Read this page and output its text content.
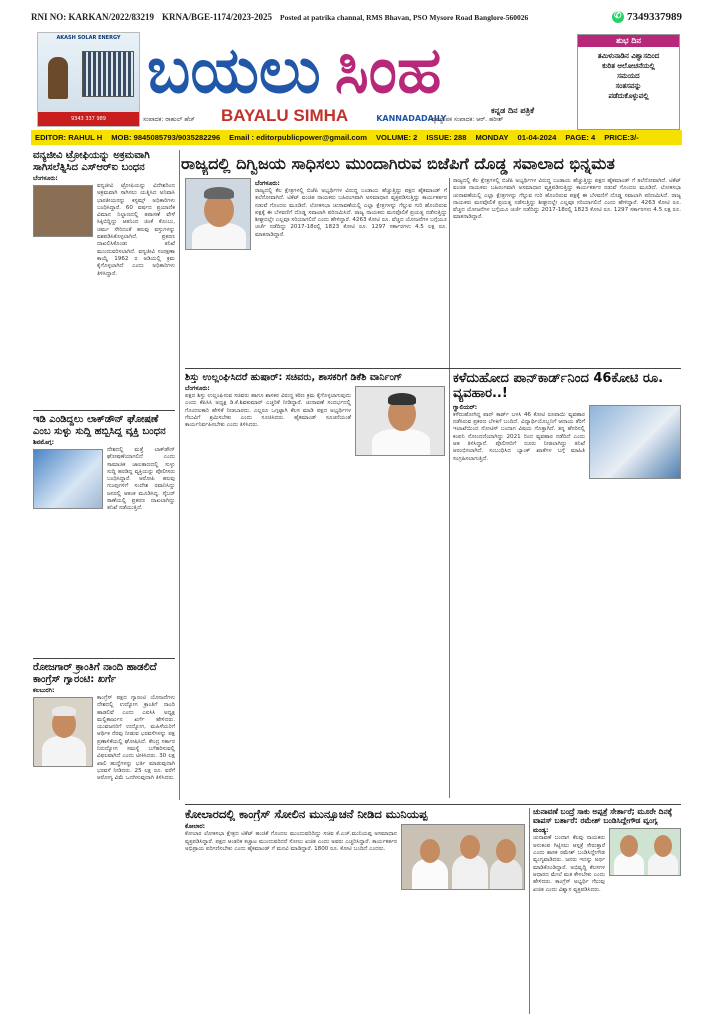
RNI NO: KARKAN/2022/83219 KRNA/BGE-1174/2023-2025 Posted at patrika channal, RMS Bhavan, PSO Mysore Road Banglore-560026
✆	7349337989
AKASH SOLAR ENERGY
9343 337 989
ಬಯಲು ಸಿಂಹ
ಸಂಪಾದಕ: ರಾಹುಲ್ ಹೆಚ್ BAYALU SIMHA	KANNADADAILY
ಕನ್ನಡ ದಿನ ಪತ್ರಿಕೆ
ವ್ಯವಸ್ಥಾಪಕ ಸಂಪಾದಕ: ಆರ್. ಹರೀಶ್
ಶುಭ ದಿನ
ತಮಿಳುನಾಡಿನ ವಿಶ್ವಾಸದಿಂದ
ಕುರಿತ ಆಲೋಚನೆಯಲ್ಲಿ
ಸಮಯದ
ಸಂತಸವನ್ನು
ಪಡೆದುಕೊಳ್ಳುವಲ್ಲಿ
EDITOR: RAHUL H MOB: 9845085793/9035282296 Email : editorpublicpower@gmail.com VOLUME: 2 ISSUE: 288 MONDAY 01-04-2024 PAGE: 4 PRICE:3/-
ವನ್ಯಜೀವಿ ಟ್ರೋಫಿಯನ್ನು ಅಕ್ರಮವಾಗಿ ಸಾಗಿಸಲೆತ್ನಿಸಿದ ಎಸ್‌ಆರ್‌ಐ ಬಂಧನ
ಬೆಂಗಳೂರು:
ವನ್ಯಜೀವಿ ಟ್ರೋಫಿಯನ್ನು ವಿದೇಶದಿಂದ ಅಕ್ರಮವಾಗಿ ಸಾಗಿಸಲು ಯತ್ನಿಸಿದ ಅನಿವಾಸಿ ಭಾರತೀಯನನ್ನು ಕಸ್ಟಮ್ಸ್ ಅಧಿಕಾರಿಗಳು ಬಂಧಿಸಿದ್ದಾರೆ. 60 ವರ್ಷದ ಪ್ರಯಾಣಿಕ ವಿಮಾನ ನಿಲ್ದಾಣದಲ್ಲಿ ತಪಾಸಣೆ ವೇಳೆ ಸಿಕ್ಕಿಬಿದ್ದಿದ್ದು ಆತನಿಂದ ಜಿಂಕೆ ಕೊಂಬು, ಚರ್ಮ ಸೇರಿದಂತೆ ಹಲವು ವಸ್ತುಗಳನ್ನು ವಶಪಡಿಸಿಕೊಳ್ಳಲಾಗಿದೆ. ಪ್ರಕರಣ ದಾಖಲಿಸಿಕೊಂಡು ತನಿಖೆ ಮುಂದುವರಿಸಲಾಗಿದೆ. ವನ್ಯಜೀವಿ ಸಂರಕ್ಷಣಾ ಕಾಯ್ದೆ 1962 ರ ಅಡಿಯಲ್ಲಿ ಕ್ರಮ ಕೈಗೊಳ್ಳಲಾಗಿದೆ ಎಂದು ಅಧಿಕಾರಿಗಳು ತಿಳಿಸಿದ್ದಾರೆ.
ಇಡಿ ಎಂಡಿದ್ದಲು ಲಾಕ್‌ಡೌನ್ ಘೋಷಣೆ ಎಂಬ ಸುಳ್ಳು ಸುದ್ದಿ ಹಬ್ಬಿಸಿದ್ದ ವ್ಯಕ್ತಿ ಬಂಧನ
ಶಿವಮೊಗ್ಗ:
ದೇಶದಲ್ಲಿ ಮತ್ತೆ ಲಾಕ್‌ಡೌನ್ ಘೋಷಣೆಯಾಗಲಿದೆ ಎಂದು ಸಾಮಾಜಿಕ ಜಾಲತಾಣದಲ್ಲಿ ಸುಳ್ಳು ಸುದ್ದಿ ಹರಡಿದ್ದ ವ್ಯಕ್ತಿಯನ್ನು ಪೊಲೀಸರು ಬಂಧಿಸಿದ್ದಾರೆ. ಆರೋಪಿ ಹಲವು ಗುಂಪುಗಳಿಗೆ ಸಂದೇಶ ರವಾನಿಸಿದ್ದು ಜನರಲ್ಲಿ ಆತಂಕ ಮೂಡಿಸಿದ್ದ. ಸೈಬರ್ ಠಾಣೆಯಲ್ಲಿ ಪ್ರಕರಣ ದಾಖಲಾಗಿದ್ದು ತನಿಖೆ ನಡೆಯುತ್ತಿದೆ.
ರೋಜಗಾರ್ ಕ್ರಾಂತಿಗೆ ನಾಂದಿ ಹಾಡಲಿದೆ ಕಾಂಗ್ರೆಸ್ ಗ್ಯಾರಂಟಿ: ಖರ್ಗೆ
ಕಲಬುರಗಿ:
ಕಾಂಗ್ರೆಸ್ ಪಕ್ಷದ ಗ್ಯಾರಂಟಿ ಯೋಜನೆಗಳು ದೇಶದಲ್ಲಿ ಉದ್ಯೋಗ ಕ್ರಾಂತಿಗೆ ನಾಂದಿ ಹಾಡಲಿವೆ ಎಂದು ಎಐಸಿಸಿ ಅಧ್ಯಕ್ಷ ಮಲ್ಲಿಕಾರ್ಜುನ ಖರ್ಗೆ ಹೇಳಿದರು. ಯುವಜನರಿಗೆ ಉದ್ಯೋಗ, ಮಹಿಳೆಯರಿಗೆ ಆರ್ಥಿಕ ನೆರವು ನೀಡುವ ಭರವಸೆಗಳನ್ನು ಪಕ್ಷ ಪ್ರಣಾಳಿಕೆಯಲ್ಲಿ ಘೋಷಿಸಿದೆ. ಕೇಂದ್ರ ಸರ್ಕಾರ ನಿರುದ್ಯೋಗ ಸಮಸ್ಯೆ ಬಗೆಹರಿಸುವಲ್ಲಿ ವಿಫಲವಾಗಿದೆ ಎಂದು ಟೀಕಿಸಿದರು. 30 ಲಕ್ಷ ಖಾಲಿ ಹುದ್ದೆಗಳನ್ನು ಭರ್ತಿ ಮಾಡುವುದಾಗಿ ಭರವಸೆ ನೀಡಿದರು. 25 ಲಕ್ಷ ರೂ. ವರೆಗೆ ಆರೋಗ್ಯ ವಿಮೆ ಒದಗಿಸುವುದಾಗಿ ತಿಳಿಸಿದರು.
ರಾಜ್ಯದಲ್ಲಿ ದಿಗ್ವಿಜಯ ಸಾಧಿಸಲು ಮುಂದಾಗಿರುವ ಬಿಜೆಪಿಗೆ ದೊಡ್ಡ ಸವಾಲಾದ ಭಿನ್ನಮತ
ಬೆಂಗಳೂರು:
ರಾಜ್ಯದಲ್ಲಿ ಕೆಲ ಕ್ಷೇತ್ರಗಳಲ್ಲಿ ಬಿಜೆಪಿ ಅಭ್ಯರ್ಥಿಗಳ ವಿರುದ್ಧ ಬಂಡಾಯ ಹೆಚ್ಚುತ್ತಿದ್ದು ಪಕ್ಷದ ಹೈಕಮಾಂಡ್ ಗೆ ತಲೆನೋವಾಗಿದೆ. ಟಿಕೆಟ್ ವಂಚಿತ ನಾಯಕರು ಬಹಿರಂಗವಾಗಿ ಅಸಮಾಧಾನ ವ್ಯಕ್ತಪಡಿಸುತ್ತಿದ್ದು ಕಾರ್ಯಕರ್ತರ ನಡುವೆ ಗೊಂದಲ ಮೂಡಿದೆ. ಲೋಕಸಭಾ ಚುನಾವಣೆಯಲ್ಲಿ ಎಲ್ಲಾ ಕ್ಷೇತ್ರಗಳನ್ನು ಗೆಲ್ಲುವ ಗುರಿ ಹೊಂದಿರುವ ಪಕ್ಷಕ್ಕೆ ಈ ಬೆಳವಣಿಗೆ ದೊಡ್ಡ ಸವಾಲಾಗಿ ಪರಿಣಮಿಸಿದೆ. ರಾಜ್ಯ ನಾಯಕರು ಮನವೊಲಿಕೆ ಪ್ರಯತ್ನ ನಡೆಸುತ್ತಿದ್ದು ಶೀಘ್ರದಲ್ಲೇ ಎಲ್ಲವೂ ಸರಿಯಾಗಲಿದೆ ಎಂದು ಹೇಳಿದ್ದಾರೆ. 4263 ಕೋಟಿ ರೂ. ವೆಚ್ಚದ ಯೋಜನೆಗಳ ಬಗ್ಗೆಯೂ ಚರ್ಚೆ ನಡೆದಿದ್ದು 2017-18ರಲ್ಲಿ 1823 ಕೋಟಿ ರೂ. 1297 ಸರ್ಕಾರಗಳು 4.5 ಲಕ್ಷ ರೂ. ಮಾತನಾಡಿದ್ದಾರೆ.
ರಾಜ್ಯದಲ್ಲಿ ಕೆಲ ಕ್ಷೇತ್ರಗಳಲ್ಲಿ ಬಿಜೆಪಿ ಅಭ್ಯರ್ಥಿಗಳ ವಿರುದ್ಧ ಬಂಡಾಯ ಹೆಚ್ಚುತ್ತಿದ್ದು ಪಕ್ಷದ ಹೈಕಮಾಂಡ್ ಗೆ ತಲೆನೋವಾಗಿದೆ. ಟಿಕೆಟ್ ವಂಚಿತ ನಾಯಕರು ಬಹಿರಂಗವಾಗಿ ಅಸಮಾಧಾನ ವ್ಯಕ್ತಪಡಿಸುತ್ತಿದ್ದು ಕಾರ್ಯಕರ್ತರ ನಡುವೆ ಗೊಂದಲ ಮೂಡಿದೆ. ಲೋಕಸಭಾ ಚುನಾವಣೆಯಲ್ಲಿ ಎಲ್ಲಾ ಕ್ಷೇತ್ರಗಳನ್ನು ಗೆಲ್ಲುವ ಗುರಿ ಹೊಂದಿರುವ ಪಕ್ಷಕ್ಕೆ ಈ ಬೆಳವಣಿಗೆ ದೊಡ್ಡ ಸವಾಲಾಗಿ ಪರಿಣಮಿಸಿದೆ. ರಾಜ್ಯ ನಾಯಕರು ಮನವೊಲಿಕೆ ಪ್ರಯತ್ನ ನಡೆಸುತ್ತಿದ್ದು ಶೀಘ್ರದಲ್ಲೇ ಎಲ್ಲವೂ ಸರಿಯಾಗಲಿದೆ ಎಂದು ಹೇಳಿದ್ದಾರೆ. 4263 ಕೋಟಿ ರೂ. ವೆಚ್ಚದ ಯೋಜನೆಗಳ ಬಗ್ಗೆಯೂ ಚರ್ಚೆ ನಡೆದಿದ್ದು 2017-18ರಲ್ಲಿ 1823 ಕೋಟಿ ರೂ. 1297 ಸರ್ಕಾರಗಳು 4.5 ಲಕ್ಷ ರೂ. ಮಾತನಾಡಿದ್ದಾರೆ.
ಶಿಸ್ತು ಉಲ್ಲಂಘಿಸಿದರೆ ಹುಷಾರ್: ಸಚಿವರು, ಶಾಸಕರಿಗೆ ಡಿಕೆಶಿ ವಾರ್ನಿಂಗ್
ಬೆಂಗಳೂರು:
ಪಕ್ಷದ ಶಿಸ್ತು ಉಲ್ಲಂಘಿಸುವ ಸಚಿವರು ಹಾಗೂ ಶಾಸಕರ ವಿರುದ್ಧ ಕಠಿಣ ಕ್ರಮ ಕೈಗೊಳ್ಳಲಾಗುವುದು ಎಂದು ಕೆಪಿಸಿಸಿ ಅಧ್ಯಕ್ಷ ಡಿ.ಕೆ.ಶಿವಕುಮಾರ್ ಎಚ್ಚರಿಕೆ ನೀಡಿದ್ದಾರೆ. ಚುನಾವಣೆ ಸಂದರ್ಭದಲ್ಲಿ ಗೊಂದಲಕಾರಿ ಹೇಳಿಕೆ ನೀಡಬಾರದು. ಎಲ್ಲರೂ ಒಗ್ಗಟ್ಟಾಗಿ ಕೆಲಸ ಮಾಡಿ ಪಕ್ಷದ ಅಭ್ಯರ್ಥಿಗಳ ಗೆಲುವಿಗೆ ಶ್ರಮಿಸಬೇಕು ಎಂದು ಸೂಚಿಸಿದರು. ಹೈಕಮಾಂಡ್ ಸೂಚನೆಯಂತೆ ಕಾರ್ಯನಿರ್ವಹಿಸಬೇಕು ಎಂದು ತಿಳಿಸಿದರು.
ಕಳೆದುಹೋದ ಪಾನ್‌ಕಾರ್ಡ್‌ನಿಂದ 46ಕೋಟಿ ರೂ. ವ್ಯವಹಾರ..!
ಗ್ವಾಲಿಯರ್:
ಕಳೆದುಹೋಗಿದ್ದ ಪಾನ್ ಕಾರ್ಡ್ ಬಳಸಿ 46 ಕೋಟಿ ರೂಪಾಯಿ ವ್ಯವಹಾರ ನಡೆಸಿರುವ ಪ್ರಕರಣ ಬೆಳಕಿಗೆ ಬಂದಿದೆ. ವಿದ್ಯಾರ್ಥಿಯೊಬ್ಬನಿಗೆ ಆದಾಯ ತೆರಿಗೆ ಇಲಾಖೆಯಿಂದ ನೋಟಿಸ್ ಬಂದಾಗ ವಿಷಯ ಗೊತ್ತಾಗಿದೆ. ತನ್ನ ಹೆಸರಿನಲ್ಲಿ ಕಂಪನಿ ನೋಂದಣಿಯಾಗಿದ್ದು 2021 ರಿಂದ ವ್ಯವಹಾರ ನಡೆದಿದೆ ಎಂದು ಆತ ತಿಳಿಸಿದ್ದಾನೆ. ಪೊಲೀಸರಿಗೆ ದೂರು ನೀಡಲಾಗಿದ್ದು ತನಿಖೆ ಆರಂಭಿಸಲಾಗಿದೆ. ಸಂಬಂಧಿಸಿದ ಬ್ಯಾಂಕ್ ಖಾತೆಗಳ ಬಗ್ಗೆ ಮಾಹಿತಿ ಸಂಗ್ರಹಿಸಲಾಗುತ್ತಿದೆ.
ಕೋಲಾರದಲ್ಲಿ ಕಾಂಗ್ರೆಸ್ ಸೋಲಿನ ಮುನ್ಸೂಚನೆ ನೀಡಿದ ಮುನಿಯಪ್ಪ
ಕೋಲಾರ:
ಕೋಲಾರ ಲೋಕಸಭಾ ಕ್ಷೇತ್ರದ ಟಿಕೆಟ್ ಹಂಚಿಕೆ ಗೊಂದಲ ಮುಂದುವರಿದಿದ್ದು ಸಚಿವ ಕೆ.ಎಚ್.ಮುನಿಯಪ್ಪ ಅಸಮಾಧಾನ ವ್ಯಕ್ತಪಡಿಸಿದ್ದಾರೆ. ಪಕ್ಷದ ಆಂತರಿಕ ಕಚ್ಚಾಟ ಮುಂದುವರಿದರೆ ಸೋಲು ಖಚಿತ ಎಂದು ಅವರು ಎಚ್ಚರಿಸಿದ್ದಾರೆ. ಕಾರ್ಯಕರ್ತರ ಅಭಿಪ್ರಾಯ ಪರಿಗಣಿಸಬೇಕು ಎಂದು ಹೈಕಮಾಂಡ್ ಗೆ ಮನವಿ ಮಾಡಿದ್ದಾರೆ. 1800 ರೂ. ಕೋಟಿ ಬಂದಿದೆ ಎಂದರು.
ಚುನಾವಣೆ ಬಂದ್ರೆ ಸಾಕು ಅಪ್ಪತ್ರೆ ಸೇರ್ತಾರೆ; ಮೂರೇ ದಿನಕ್ಕೆ ವಾಪಸ್ ಬರ್ತಾರೆ: ರಮೇಶ್ ಬಂಡಿಸಿದ್ದೇಗೌಡ ವ್ಯಂಗ್ಯ
ಮಂಡ್ಯ:
ಚುನಾವಣೆ ಬಂದಾಗ ಕೆಲವು ನಾಯಕರು ಅನುಕಂಪ ಗಿಟ್ಟಿಸಲು ಆಸ್ಪತ್ರೆ ಸೇರುತ್ತಾರೆ ಎಂದು ಶಾಸಕ ರಮೇಶ್ ಬಂಡಿಸಿದ್ದೇಗೌಡ ವ್ಯಂಗ್ಯವಾಡಿದರು. ಜನರು ಇದನ್ನು ಅರ್ಥ ಮಾಡಿಕೊಂಡಿದ್ದಾರೆ. ಅಭಿವೃದ್ಧಿ ಕೆಲಸಗಳ ಆಧಾರದ ಮೇಲೆ ಮತ ಕೇಳಬೇಕು ಎಂದು ಹೇಳಿದರು. ಕಾಂಗ್ರೆಸ್ ಅಭ್ಯರ್ಥಿ ಗೆಲುವು ಖಚಿತ ಎಂದು ವಿಶ್ವಾಸ ವ್ಯಕ್ತಪಡಿಸಿದರು.
